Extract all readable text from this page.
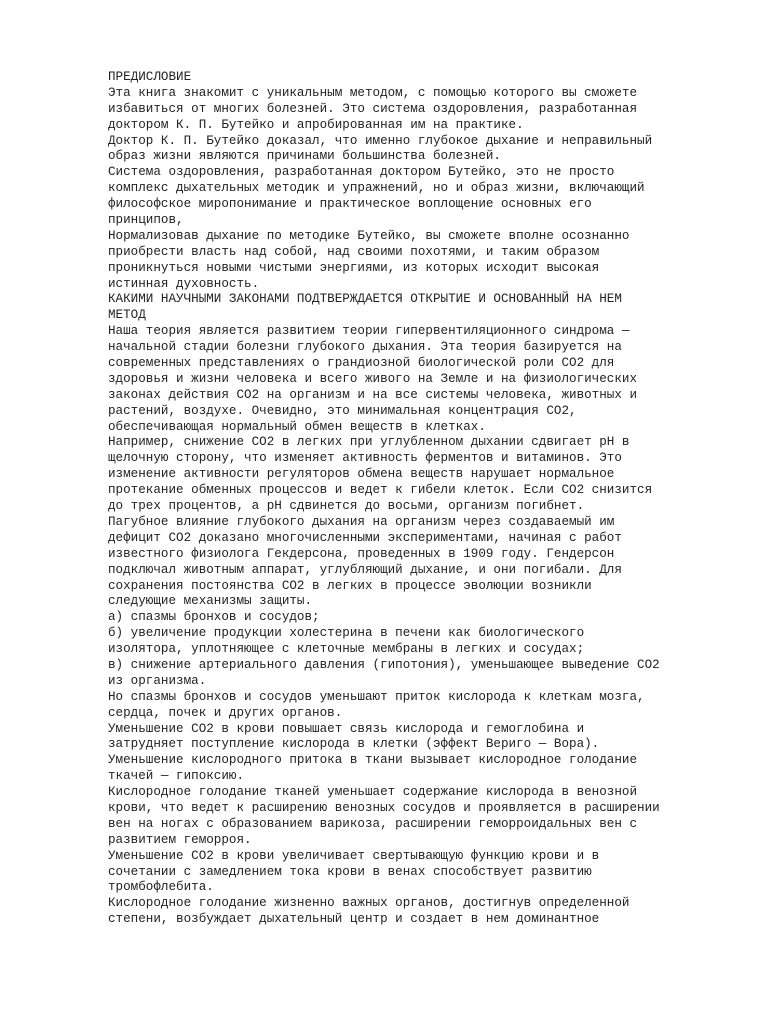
ПРЕДИСЛОВИЕ
Эта книга знакомит с уникальным методом, с помощью которого вы сможете
избавиться от многих болезней. Это система оздоровления, разработанная
доктором К. П. Бутейко и апробированная им на практике.
Доктор К. П. Бутейко доказал, что именно глубокое дыхание и неправильный
образ жизни являются причинами большинства болезней.
Система оздоровления, разработанная доктором Бутейко, это не просто
комплекс дыхательных методик и упражнений, но и образ жизни, включающий
философское миропонимание и практическое воплощение основных его
принципов,
Нормализовав дыхание по методике Бутейко, вы сможете вполне осознанно
приобрести власть над собой, над своими похотями, и таким образом
проникнуться новыми чистыми энергиями, из которых исходит высокая
истинная духовность.
КАКИМИ НАУЧНЫМИ ЗАКОНАМИ ПОДТВЕРЖДАЕТСЯ ОТКРЫТИЕ И ОСНОВАННЫЙ НА НЕМ
МЕТОД
Наша теория является развитием теории гипервентиляционного синдрома —
начальной стадии болезни глубокого дыхания. Эта теория базируется на
современных представлениях о грандиозной биологической роли СО2 для
здоровья и жизни человека и всего живого на Земле и на физиологических
законах действия СО2 на организм и на все системы человека, животных и
растений, воздухе. Очевидно, это минимальная концентрация СО2,
обеспечивающая нормальный обмен веществ в клетках.
Например, снижение СО2 в легких при углубленном дыхании сдвигает рН в
щелочную сторону, что изменяет активность ферментов и витаминов. Это
изменение активности регуляторов обмена веществ нарушает нормальное
протекание обменных процессов и ведет к гибели клеток. Если СО2 снизится
до трех процентов, а рН сдвинется до восьми, организм погибнет.
Пагубное влияние глубокого дыхания на организм через создаваемый им
дефицит СО2 доказано многочисленными экспериментами, начиная с работ
известного физиолога Гекдерсона, проведенных в 1909 году. Гендерсон
подключал животным аппарат, углубляющий дыхание, и они погибали. Для
сохранения постоянства СО2 в легких в процессе эволюции возникли
следующие механизмы защиты.
а) спазмы бронхов и сосудов;
б) увеличение продукции холестерина в печени как биологического
изолятора, уплотняющее с клеточные мембраны в легких и сосудах;
в) снижение артериального давления (гипотония), уменьшающее выведение СО2
из организма.
Но спазмы бронхов и сосудов уменьшают приток кислорода к клеткам мозга,
сердца, почек и других органов.
Уменьшение СО2 в крови повышает связь кислорода и гемоглобина и
затрудняет поступление кислорода в клетки (эффект Вериго — Вора).
Уменьшение кислородного притока в ткани вызывает кислородное голодание
ткачей — гипоксию.
Кислородное голодание тканей уменьшает содержание кислорода в венозной
крови, что ведет к расширению венозных сосудов и проявляется в расширении
вен на ногах с образованием варикоза, расширении геморроидальных вен с
развитием геморроя.
Уменьшение СО2 в крови увеличивает свертывающую функцию крови и в
сочетании с замедлением тока крови в венах способствует развитию
тромбофлебита.
Кислородное голодание жизненно важных органов, достигнув определенной
степени, возбуждает дыхательный центр и создает в нем доминантное
